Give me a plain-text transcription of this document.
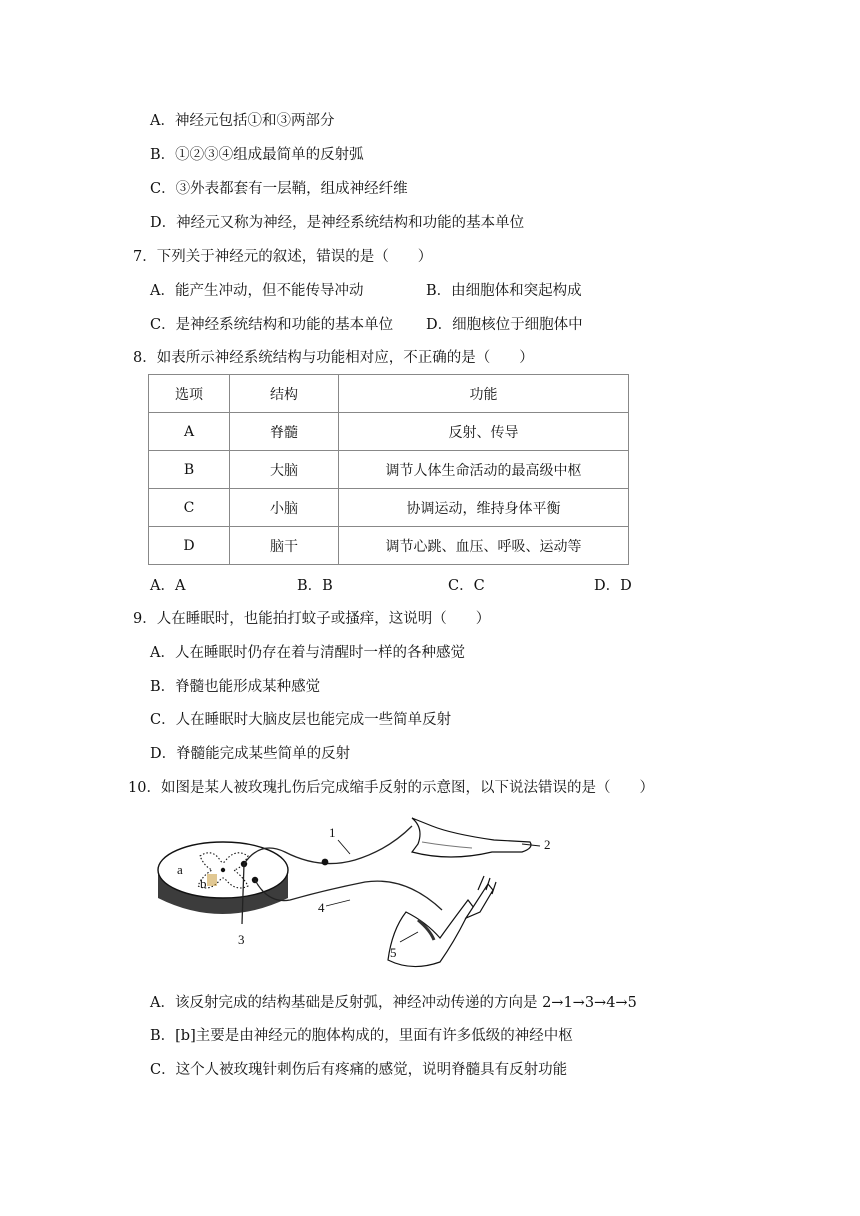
A．神经元包括①和③两部分
B．①②③④组成最简单的反射弧
C．③外表都套有一层鞘，组成神经纤维
D．神经元又称为神经，是神经系统结构和功能的基本单位
7．下列关于神经元的叙述，错误的是（　　）
A．能产生冲动，但不能传导冲动	B．由细胞体和突起构成
C．是神经系统结构和功能的基本单位 D．细胞核位于细胞体中
8．如表所示神经系统结构与功能相对应，不正确的是（　　）
选项	结构	功能
A	脊髓	反射、传导
B	大脑	调节人体生命活动的最高级中枢
C	小脑	协调运动，维持身体平衡
D	脑干	调节心跳、血压、呼吸、运动等
A．A	B．B	C．C	D．D
9．人在睡眠时，也能拍打蚊子或搔痒，这说明（　　）
A．人在睡眠时仍存在着与清醒时一样的各种感觉
B．脊髓也能形成某种感觉
C．人在睡眠时大脑皮层也能完成一些简单反射
D．脊髓能完成某些简单的反射
10．如图是某人被玫瑰扎伤后完成缩手反射的示意图，以下说法错误的是（　　）
1
2
3
4
5
a
b
A．该反射完成的结构基础是反射弧，神经冲动传递的方向是 2→1→3→4→5
B．[b]主要是由神经元的胞体构成的，里面有许多低级的神经中枢
C．这个人被玫瑰针刺伤后有疼痛的感觉，说明脊髓具有反射功能
